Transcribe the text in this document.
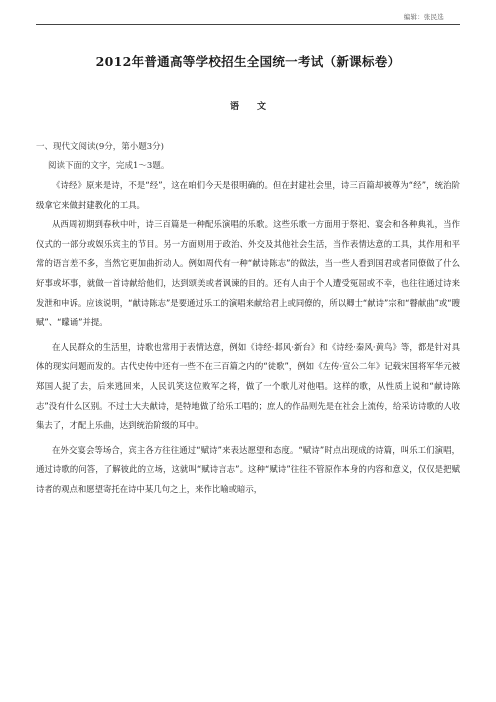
编辑：张民选
2012年普通高等学校招生全国统一考试（新课标卷）
语文
一、现代文阅读(9分，第小题3分)
阅读下面的文字，完成1～3题。

《诗经》原来是诗，不是“经”，这在咱们今天是很明确的。但在封建社会里，诗三百篇却被尊为“经”，统治阶级拿它来做封建教化的工具。

从西周初期到春秋中叶，诗三百篇是一种配乐演唱的乐歌。这些乐歌一方面用于祭祀、宴会和各种典礼，当作仪式的一部分或娱乐宾主的节目。另一方面则用于政治、外交及其他社会生活，当作表情达意的工具，其作用和平常的语言差不多，当然它更加曲折动人。例如周代有一种“献诗陈志”的做法，当一些人看到国君或者同僚做了什么好事或坏事，就做一首诗献给他们，达到颂美或者讽谏的目的。还有人由于个人遭受冤屈或不幸，也往往通过诗来发泄和申诉。应该说明，“献诗陈志”是要通过乐工的演唱来献给君上或同僚的，所以卿士“献诗”宗和“瞽献曲”或“瞍赋”、“矇诵”并提。

在人民群众的生活里，诗歌也常用于表情达意，例如《诗经·邶风·新台》和《诗经·秦风·黄鸟》等，都是针对具体的现实问题而发的。古代史传中还有一些不在三百篇之内的“徒歌”，例如《左传·宣公二年》记载宋国将军华元被郑国人捉了去，后来逃回来，人民讥笑这位败军之将，做了一个歌儿对他唱。这样的歌，从性质上说和“献诗陈志”没有什么区别。不过士大夫献诗，是特地做了给乐工唱的；庶人的作品则先是在社会上流传，给采访诗歌的人收集去了，才配上乐曲，达到统治阶级的耳中。

在外交宴会等场合，宾主各方往往通过“赋诗”来表达愿望和态度。“赋诗”时点出现成的诗篇，叫乐工们演唱，通过诗歌的问答，了解彼此的立场，这就叫“赋诗言志”。这种“赋诗”往往不管原作本身的内容和意义，仅仅是把赋诗者的观点和愿望寄托在诗中某几句之上，来作比喻或暗示，
